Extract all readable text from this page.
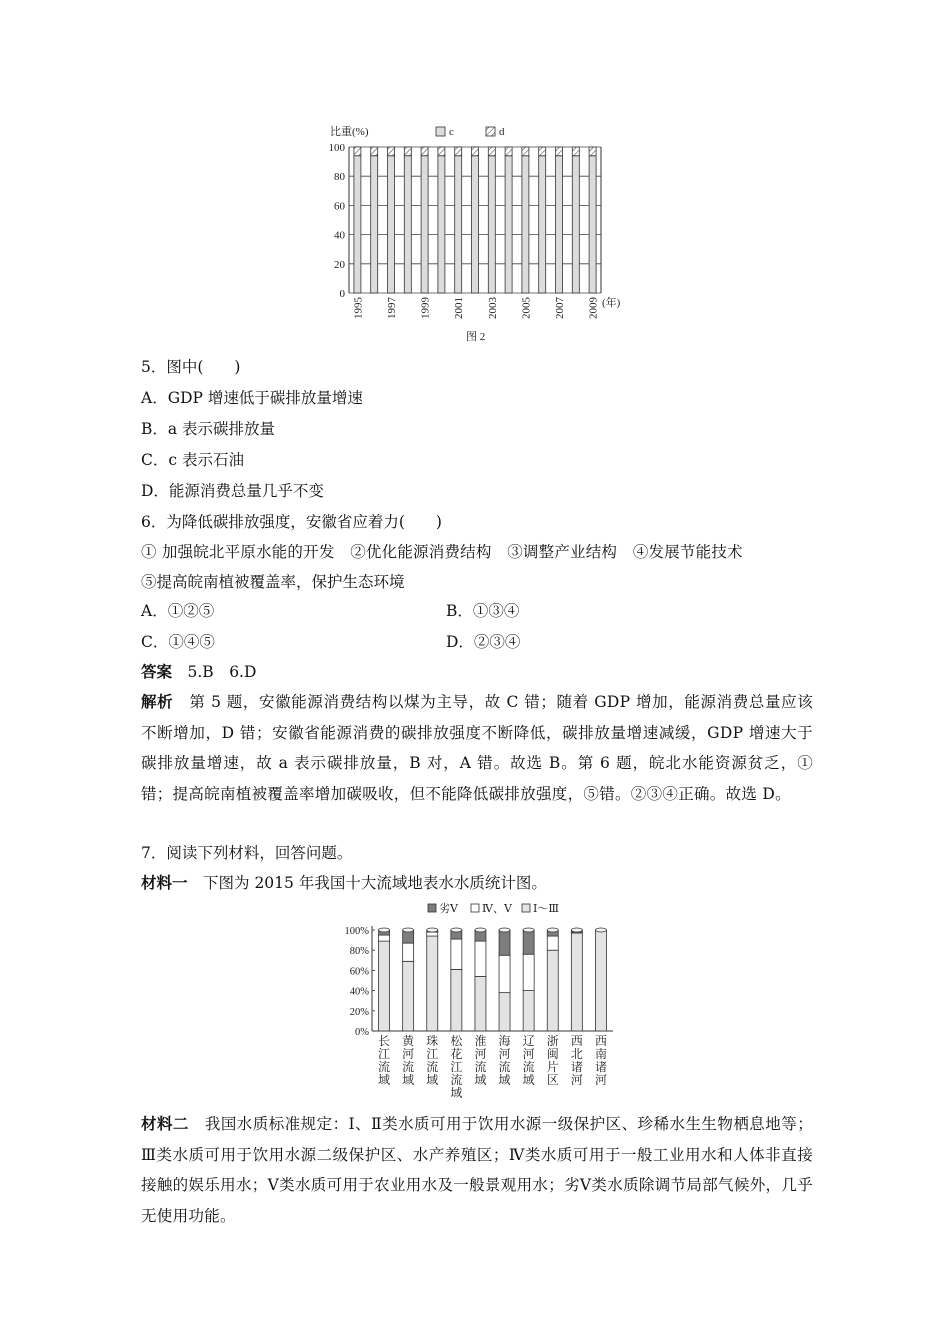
比重(%)	c	d
100
80
60
40
20
0
1995 1997 1999 2001 2003 2005 2007 2009 (年)
图 2
5．图中(　　)
A．GDP 增速低于碳排放量增速
B．a 表示碳排放量
C．c 表示石油
D．能源消费总量几乎不变
6．为降低碳排放强度，安徽省应着力(　　)
① 加强皖北平原水能的开发　②优化能源消费结构　③调整产业结构　④发展节能技术
⑤提高皖南植被覆盖率，保护生态环境
A．①②⑤	B．①③④
C．①④⑤	D．②③④
答案　5.B　6.D
解析　第 5 题，安徽能源消费结构以煤为主导，故 C 错；随着 GDP 增加，能源消费总量应该不断增加，D 错；安徽省能源消费的碳排放强度不断降低，碳排放量增速减缓，GDP 增速大于碳排放量增速，故 a 表示碳排放量，B 对，A 错。故选 B。第 6 题，皖北水能资源贫乏，①错；提高皖南植被覆盖率增加碳吸收，但不能降低碳排放强度，⑤错。②③④正确。故选 D。
7．阅读下列材料，回答问题。
材料一　下图为 2015 年我国十大流域地表水水质统计图。
劣Ⅴ Ⅳ、Ⅴ Ⅰ～Ⅲ
100%
80%
60%
40%
20%
0%
长江流域
黄河流域
珠江流域
松花江流域
淮河流域
海河流域
辽河流域
浙闽片区
西北诸河
西南诸河
材料二　我国水质标准规定：Ⅰ、Ⅱ类水质可用于饮用水源一级保护区、珍稀水生生物栖息地等；Ⅲ类水质可用于饮用水源二级保护区、水产养殖区；Ⅳ类水质可用于一般工业用水和人体非直接接触的娱乐用水；Ⅴ类水质可用于农业用水及一般景观用水；劣Ⅴ类水质除调节局部气候外，几乎无使用功能。
